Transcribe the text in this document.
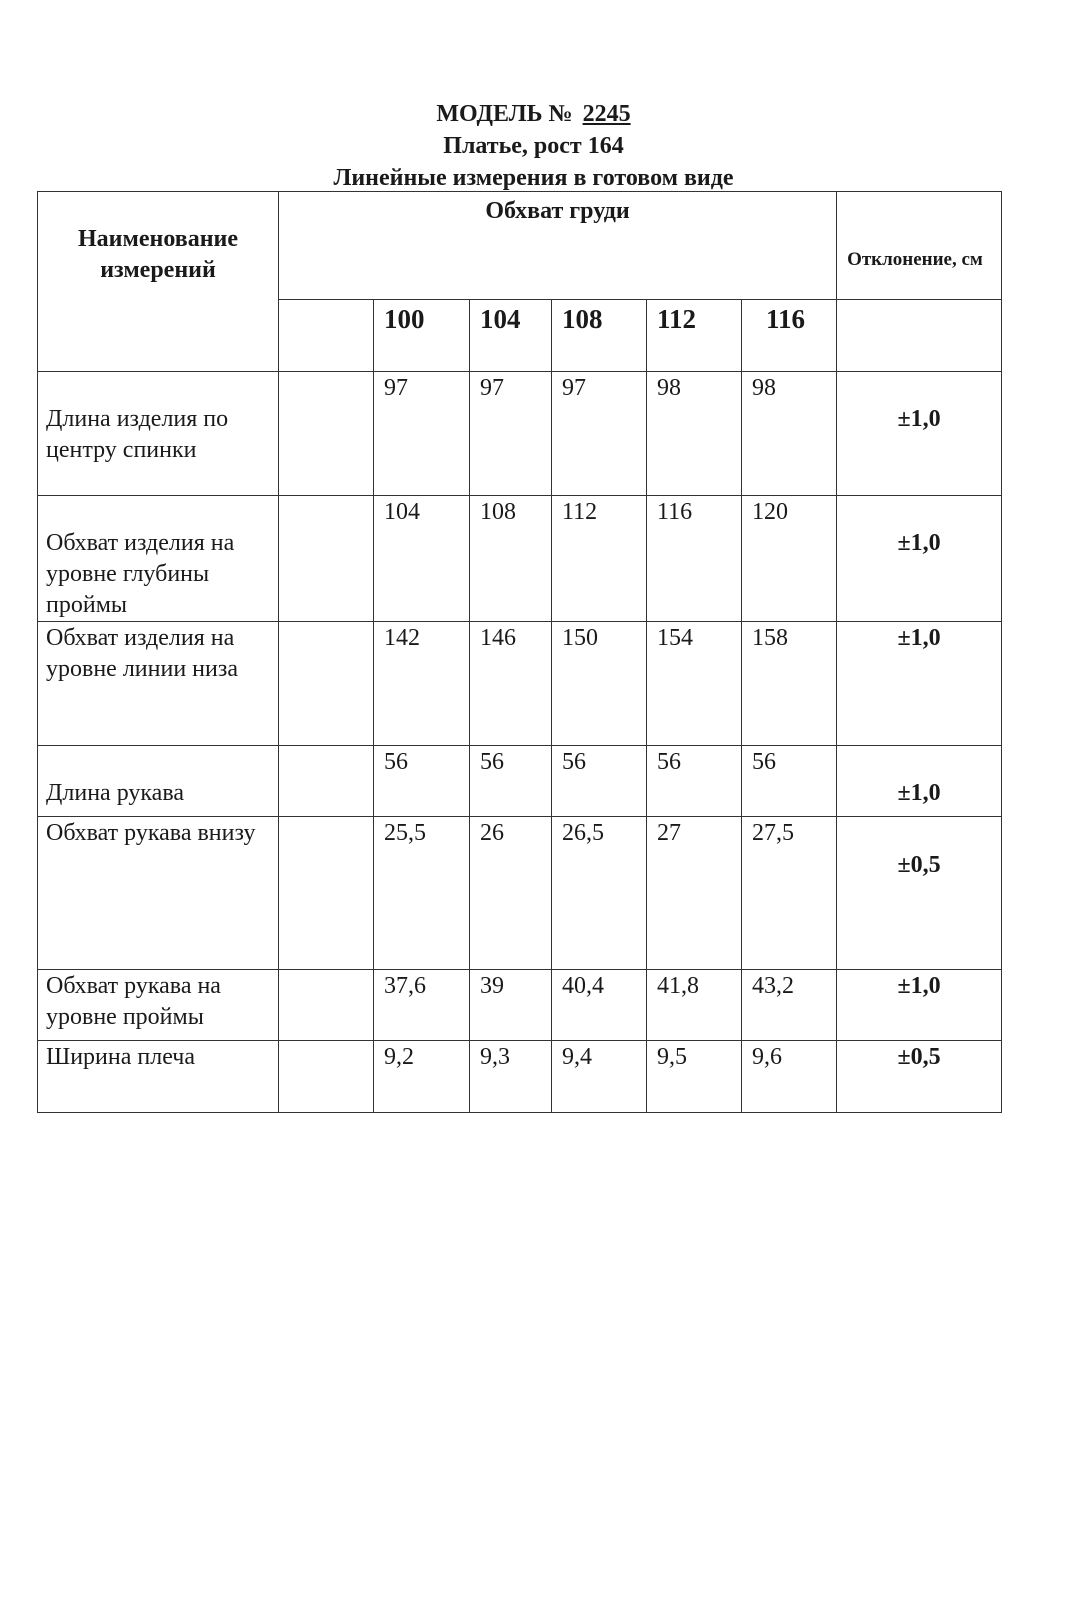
МОДЕЛЬ № 2245
Платье, рост 164
Линейные измерения в готовом виде
Наименование измерений	Обхват груди						Отклонение, см
		100	104	108	112	116	
Длина изделия по центру спинки		97	97	97	98	98	±1,0
Обхват изделия на уровне глубины проймы		104	108	112	116	120	±1,0
Обхват изделия на уровне линии низа		142	146	150	154	158	±1,0
Длина рукава		56	56	56	56	56	±1,0
Обхват рукава внизу		25,5	26	26,5	27	27,5	±0,5
Обхват рукава на уровне проймы		37,6	39	40,4	41,8	43,2	±1,0
Ширина плеча		9,2	9,3	9,4	9,5	9,6	±0,5
